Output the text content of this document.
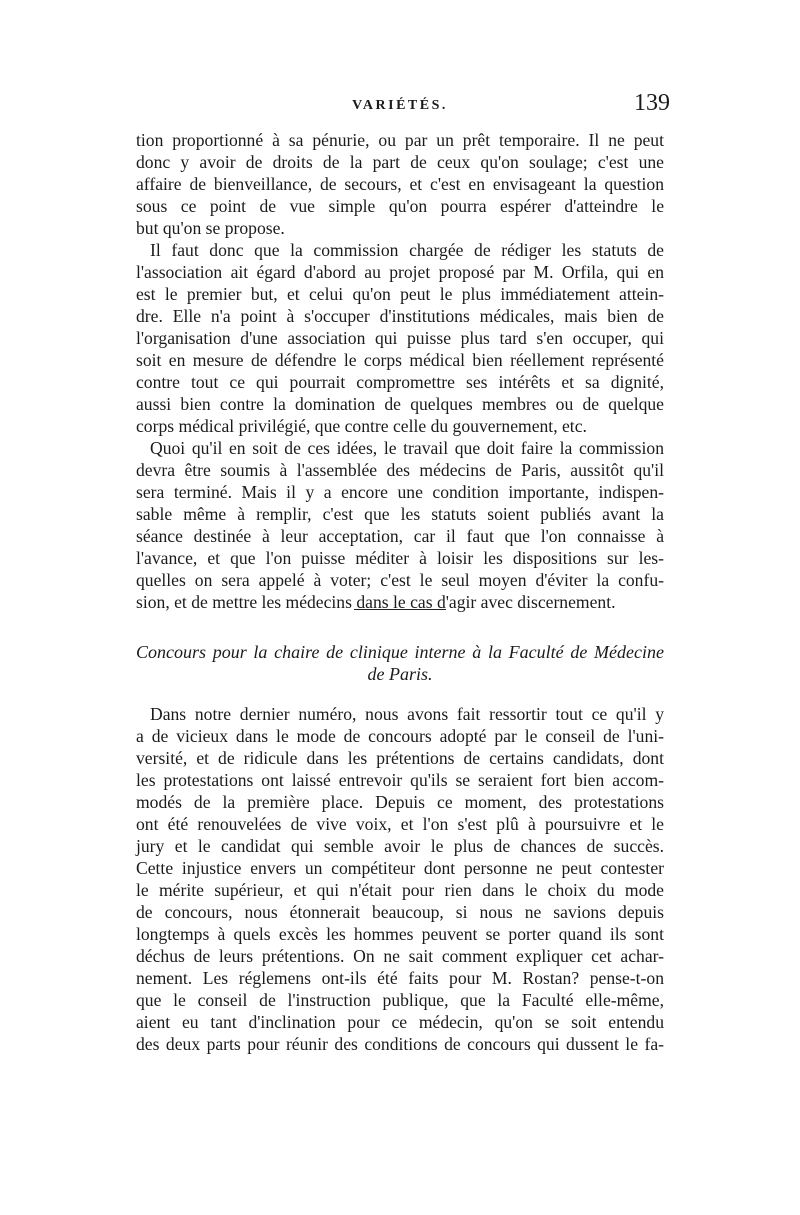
VARIÉTÉS.	139
tion proportionné à sa pénurie, ou par un prêt temporaire. Il ne peut
donc y avoir de droits de la part de ceux qu'on soulage; c'est une
affaire de bienveillance, de secours, et c'est en envisageant la question
sous ce point de vue simple qu'on pourra espérer d'atteindre le
but qu'on se propose.
Il faut donc que la commission chargée de rédiger les statuts de
l'association ait égard d'abord au projet proposé par M. Orfila, qui en
est le premier but, et celui qu'on peut le plus immédiatement attein-
dre. Elle n'a point à s'occuper d'institutions médicales, mais bien de
l'organisation d'une association qui puisse plus tard s'en occuper, qui
soit en mesure de défendre le corps médical bien réellement représenté
contre tout ce qui pourrait compromettre ses intérêts et sa dignité,
aussi bien contre la domination de quelques membres ou de quelque
corps médical privilégié, que contre celle du gouvernement, etc.
Quoi qu'il en soit de ces idées, le travail que doit faire la commission
devra être soumis à l'assemblée des médecins de Paris, aussitôt qu'il
sera terminé. Mais il y a encore une condition importante, indispen-
sable même à remplir, c'est que les statuts soient publiés avant la
séance destinée à leur acceptation, car il faut que l'on connaisse à
l'avance, et que l'on puisse méditer à loisir les dispositions sur les-
quelles on sera appelé à voter; c'est le seul moyen d'éviter la confu-
sion, et de mettre les médecins dans le cas d'agir avec discernement.
Concours pour la chaire de clinique interne à la Faculté de Médecine
de Paris.
Dans notre dernier numéro, nous avons fait ressortir tout ce qu'il y
a de vicieux dans le mode de concours adopté par le conseil de l'uni-
versité, et de ridicule dans les prétentions de certains candidats, dont
les protestations ont laissé entrevoir qu'ils se seraient fort bien accom-
modés de la première place. Depuis ce moment, des protestations
ont été renouvelées de vive voix, et l'on s'est plû à poursuivre et le
jury et le candidat qui semble avoir le plus de chances de succès.
Cette injustice envers un compétiteur dont personne ne peut contester
le mérite supérieur, et qui n'était pour rien dans le choix du mode
de concours, nous étonnerait beaucoup, si nous ne savions depuis
longtemps à quels excès les hommes peuvent se porter quand ils sont
déchus de leurs prétentions. On ne sait comment expliquer cet achar-
nement. Les réglemens ont-ils été faits pour M. Rostan? pense-t-on
que le conseil de l'instruction publique, que la Faculté elle-même,
aient eu tant d'inclination pour ce médecin, qu'on se soit entendu
des deux parts pour réunir des conditions de concours qui dussent le fa-
